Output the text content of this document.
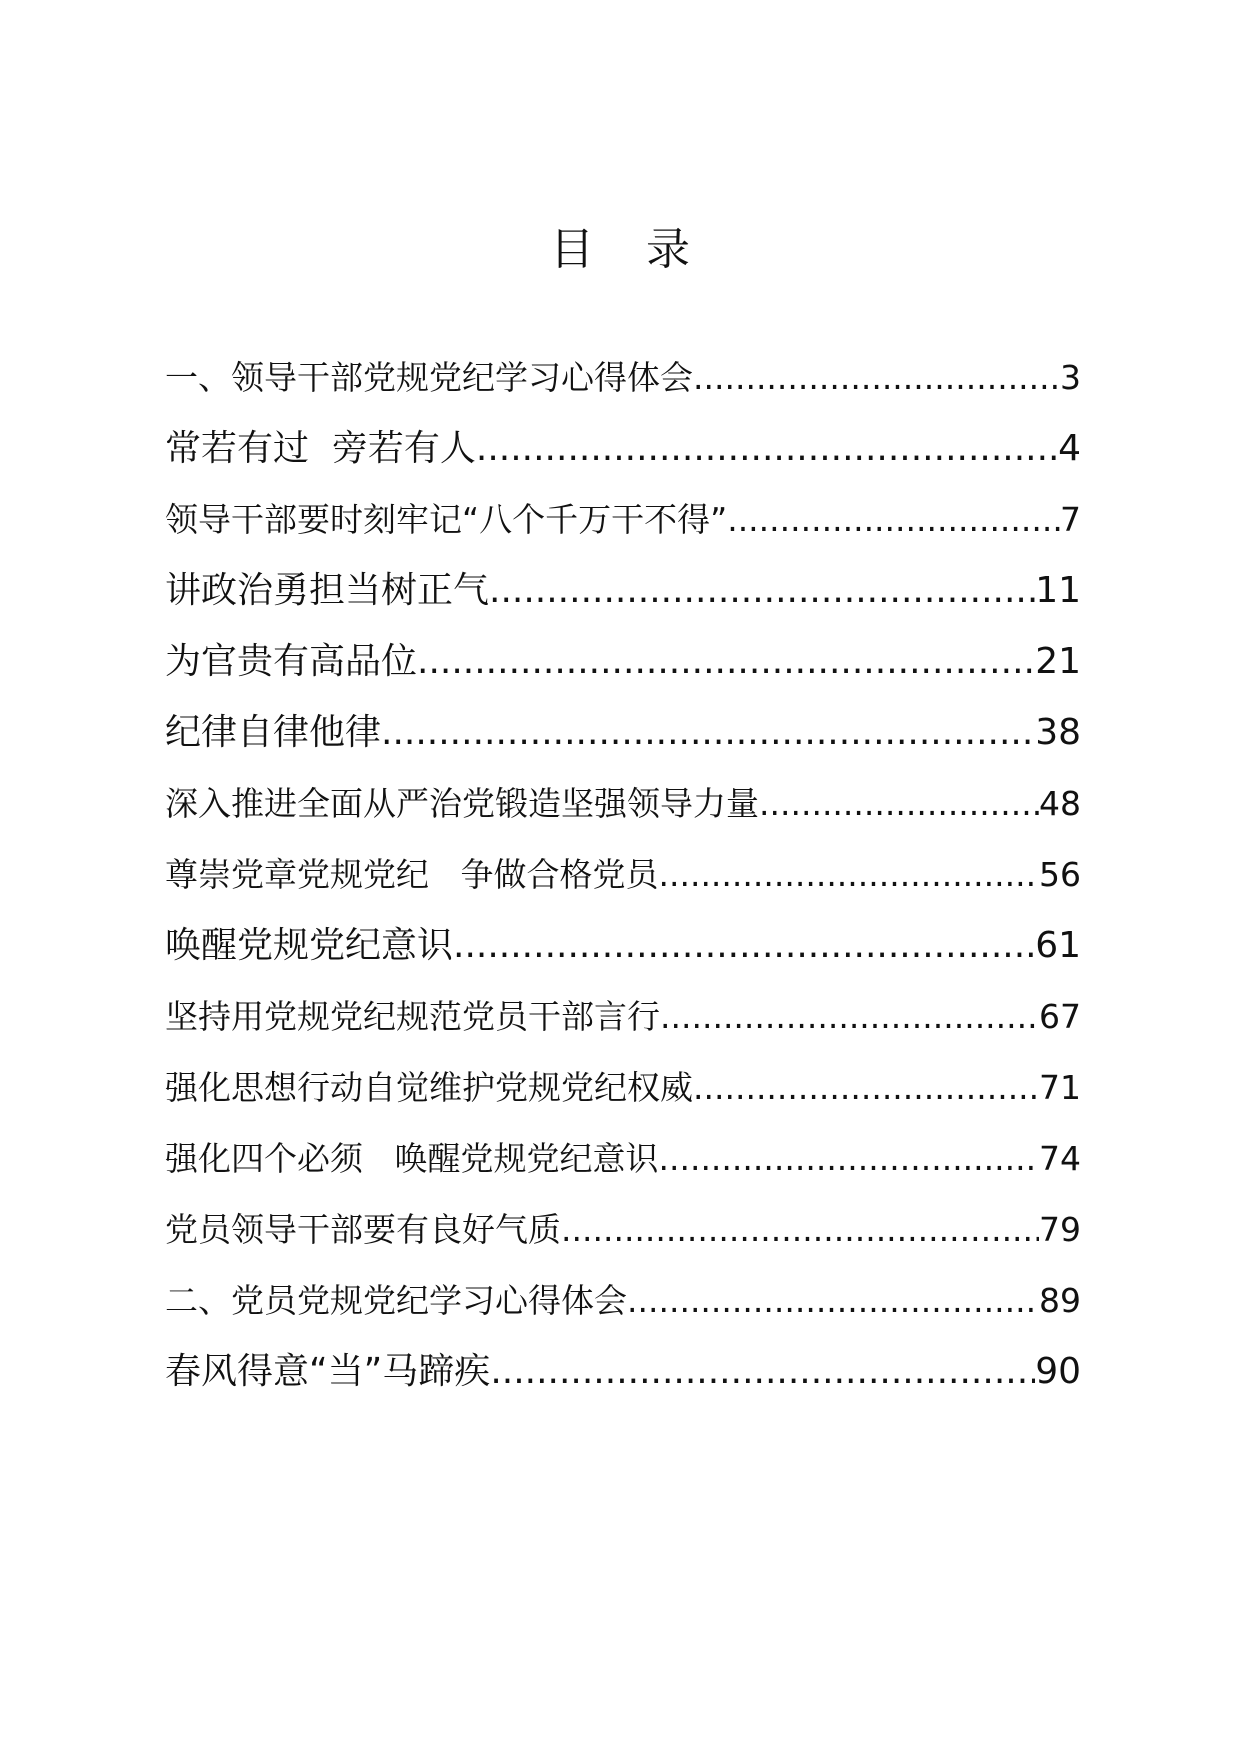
目录
一、领导干部党规党纪学习心得体会 .....	3
常若有过  旁若有人 .....	4
领导干部要时刻牢记“八个千万干不得” .....	7
讲政治勇担当树正气 .....	11
为官贵有高品位 .....	21
纪律自律他律 .....	38
深入推进全面从严治党锻造坚强领导力量 .....	48
尊崇党章党规党纪   争做合格党员 .....	56
唤醒党规党纪意识 .....	61
坚持用党规党纪规范党员干部言行 .....	67
强化思想行动自觉维护党规党纪权威 .....	71
强化四个必须   唤醒党规党纪意识 .....	74
党员领导干部要有良好气质 .....	79
二、党员党规党纪学习心得体会 .....	89
春风得意“当”马蹄疾 .....	90
